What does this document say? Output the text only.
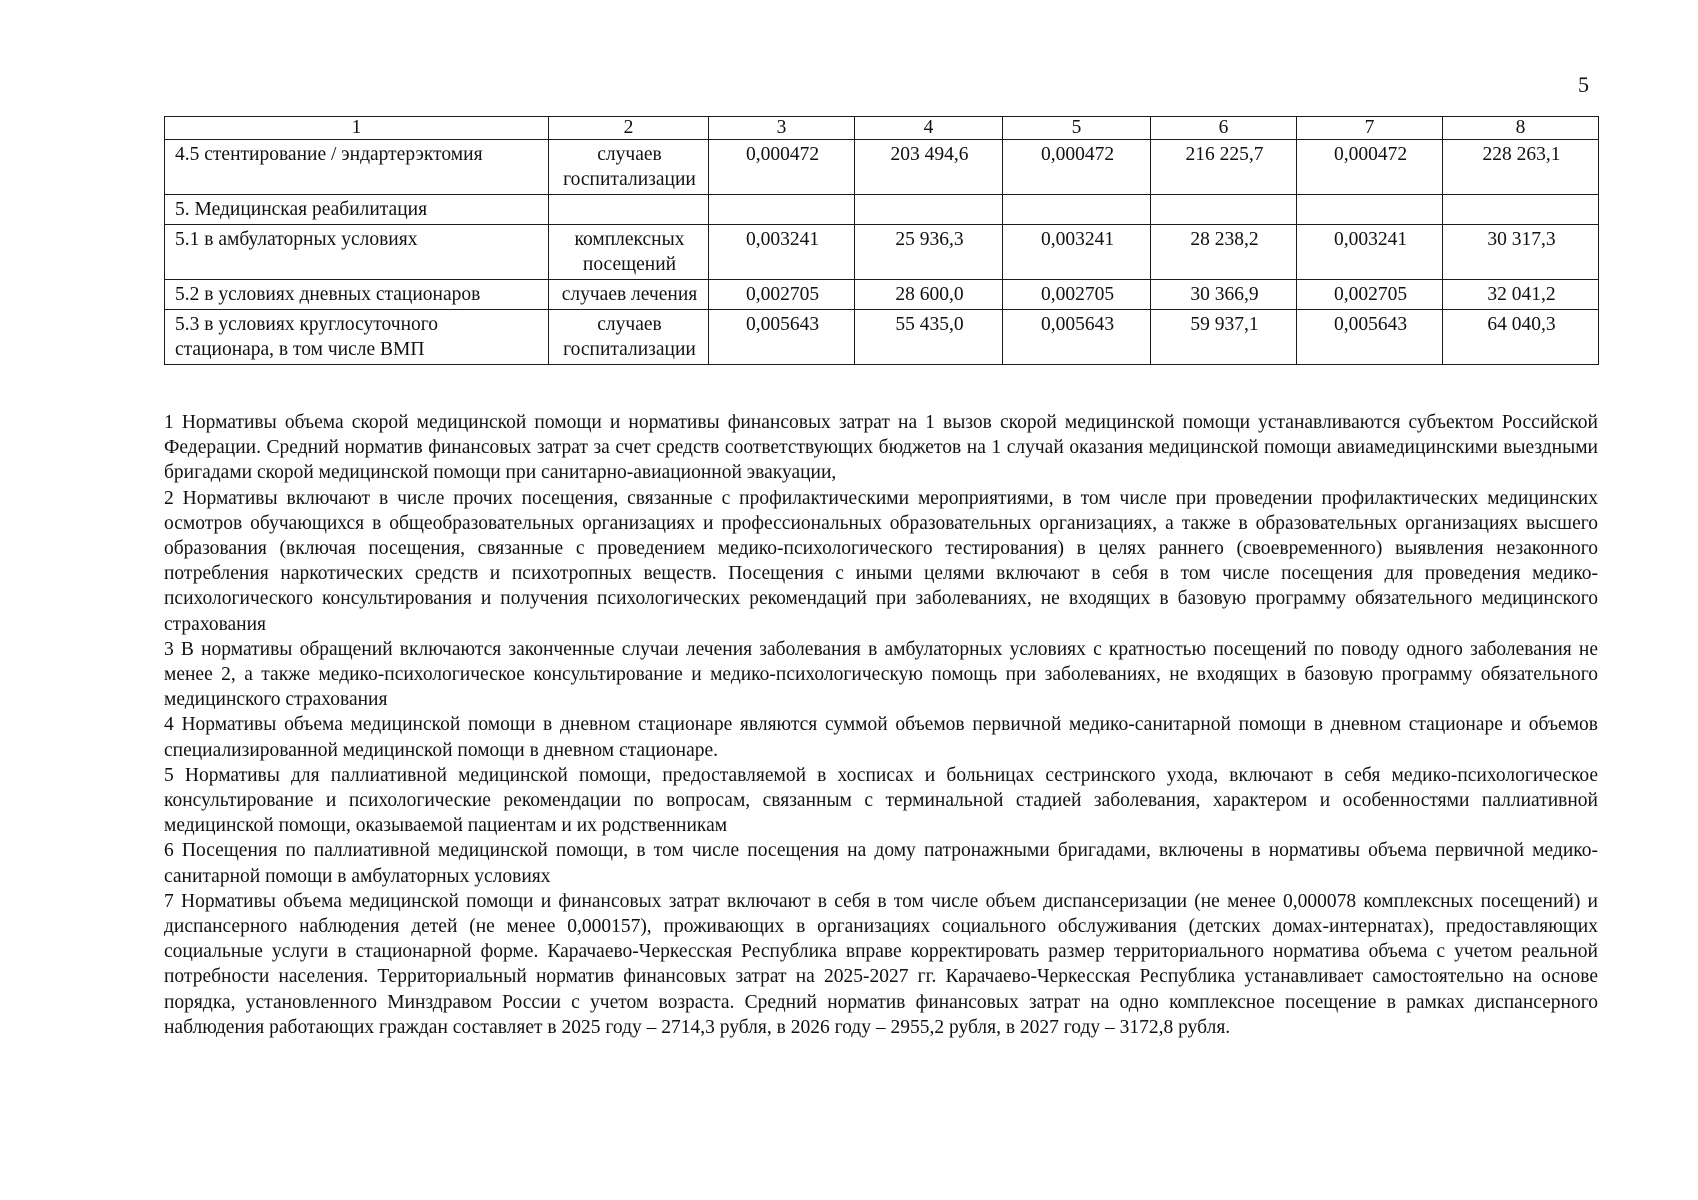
5
1	2	3	4	5	6	7	8
4.5 стентирование / эндартерэктомия	случаев госпитализации	0,000472	203 494,6	0,000472	216 225,7	0,000472	228 263,1
5. Медицинская реабилитация							
5.1 в амбулаторных условиях	комплексных посещений	0,003241	25 936,3	0,003241	28 238,2	0,003241	30 317,3
5.2 в условиях дневных стационаров	случаев лечения	0,002705	28 600,0	0,002705	30 366,9	0,002705	32 041,2
5.3 в условиях круглосуточного стационара, в том числе ВМП	случаев госпитализации	0,005643	55 435,0	0,005643	59 937,1	0,005643	64 040,3

1 Нормативы объема скорой медицинской помощи и нормативы финансовых затрат на 1 вызов скорой медицинской помощи устанавливаются субъектом Российской Федерации. Средний норматив финансовых затрат за счет средств соответствующих бюджетов на 1 случай оказания медицинской помощи авиамедицинскими выездными бригадами скорой медицинской помощи при санитарно-авиационной эвакуации,

2 Нормативы включают в числе прочих посещения, связанные с профилактическими мероприятиями, в том числе при проведении профилактических медицинских осмотров обучающихся в общеобразовательных организациях и профессиональных образовательных организациях, а также в образовательных организациях высшего образования (включая посещения, связанные с проведением медико-психологического тестирования) в целях раннего (своевременного) выявления незаконного потребления наркотических средств и психотропных веществ. Посещения с иными целями включают в себя в том числе посещения для проведения медико-психологического консультирования и получения психологических рекомендаций при заболеваниях, не входящих в базовую программу обязательного медицинского страхования

3 В нормативы обращений включаются законченные случаи лечения заболевания в амбулаторных условиях с кратностью посещений по поводу одного заболевания не менее 2, а также медико-психологическое консультирование и медико-психологическую помощь при заболеваниях, не входящих в базовую программу обязательного медицинского страхования

4 Нормативы объема медицинской помощи в дневном стационаре являются суммой объемов первичной медико-санитарной помощи в дневном стационаре и объемов специализированной медицинской помощи в дневном стационаре.

5 Нормативы для паллиативной медицинской помощи, предоставляемой в хосписах и больницах сестринского ухода, включают в себя медико-психологическое консультирование и психологические рекомендации по вопросам, связанным с терминальной стадией заболевания, характером и особенностями паллиативной медицинской помощи, оказываемой пациентам и их родственникам

6 Посещения по паллиативной медицинской помощи, в том числе посещения на дому патронажными бригадами, включены в нормативы объема первичной медико-санитарной помощи в амбулаторных условиях

7 Нормативы объема медицинской помощи и финансовых затрат включают в себя в том числе объем диспансеризации (не менее 0,000078 комплексных посещений) и диспансерного наблюдения детей (не менее 0,000157), проживающих в организациях социального обслуживания (детских домах-интернатах), предоставляющих социальные услуги в стационарной форме. Карачаево-Черкесская Республика вправе корректировать размер территориального норматива объема с учетом реальной потребности населения. Территориальный норматив финансовых затрат на 2025-2027 гг. Карачаево-Черкесская Республика устанавливает самостоятельно на основе порядка, установленного Минздравом России с учетом возраста. Средний норматив финансовых затрат на одно комплексное посещение в рамках диспансерного наблюдения работающих граждан составляет в 2025 году – 2714,3 рубля, в 2026 году – 2955,2 рубля, в 2027 году – 3172,8 рубля.
